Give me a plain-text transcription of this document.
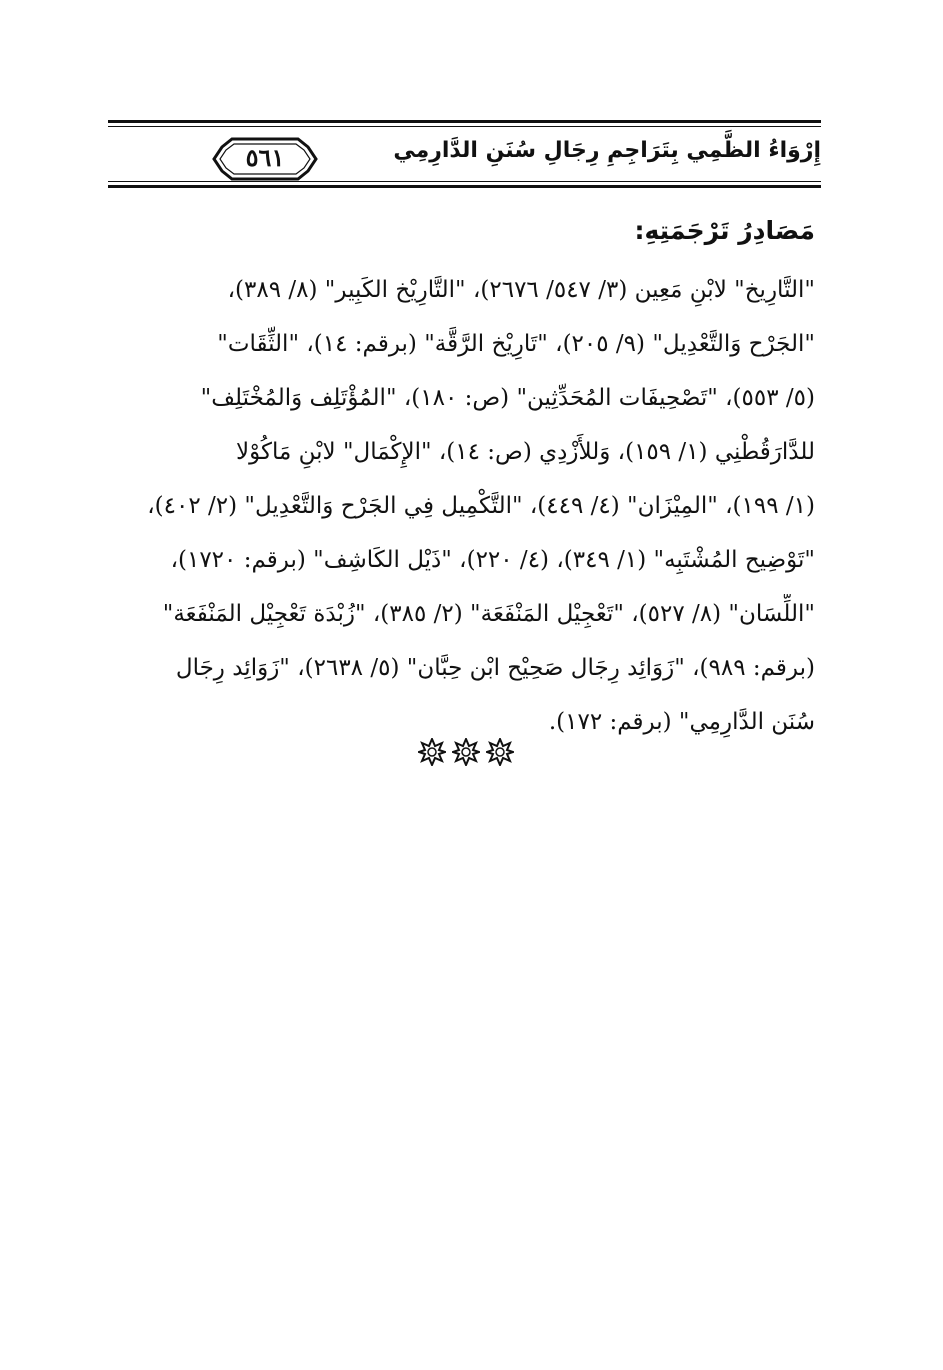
إِرْوَاءُ الظَّمِي بِتَرَاجِمِ رِجَالِ سُنَنِ الدَّارِمِي
٥٦١
مَصَادِرُ تَرْجَمَتِهِ:
"التَّارِيخ" لابْنِ مَعِين (٣/ ٥٤٧/ ٢٦٧٦)، "التَّارِيْخ الكَبِير" (٨/ ٣٨٩)،
"الجَرْح وَالتَّعْدِيل" (٩/ ٢٠٥)، "تَارِيْخ الرَّقَّة" (برقم: ١٤)، "الثِّقَات"
(٥/ ٥٥٣)، "تَصْحِيفَات المُحَدِّثِين" (ص: ١٨٠)، "المُؤْتَلِف وَالمُخْتَلِف"
للدَّارَقُطْنِي (١/ ١٥٩)، وَللأَزْدِي (ص: ١٤)، "الإِكْمَال" لابْنِ مَاكُوْلا
(١/ ١٩٩)، "المِيْزَان" (٤/ ٤٤٩)، "التَّكْمِيل فِي الجَرْح وَالتَّعْدِيل" (٢/ ٤٠٢)،
"تَوْضِيح المُشْتَبِه" (١/ ٣٤٩)، (٤/ ٢٢٠)، "ذَيْل الكَاشِف" (برقم: ١٧٢٠)،
"اللِّسَان" (٨/ ٥٢٧)، "تَعْجِيْل المَنْفَعَة" (٢/ ٣٨٥)، "زُبْدَة تَعْجِيْل المَنْفَعَة"
(برقم: ٩٨٩)، "زَوَائِد رِجَال صَحِيْح ابْن حِبَّان" (٥/ ٢٦٣٨)، "زَوَائِد رِجَال
سُنَن الدَّارِمِي" (برقم: ١٧٢).
